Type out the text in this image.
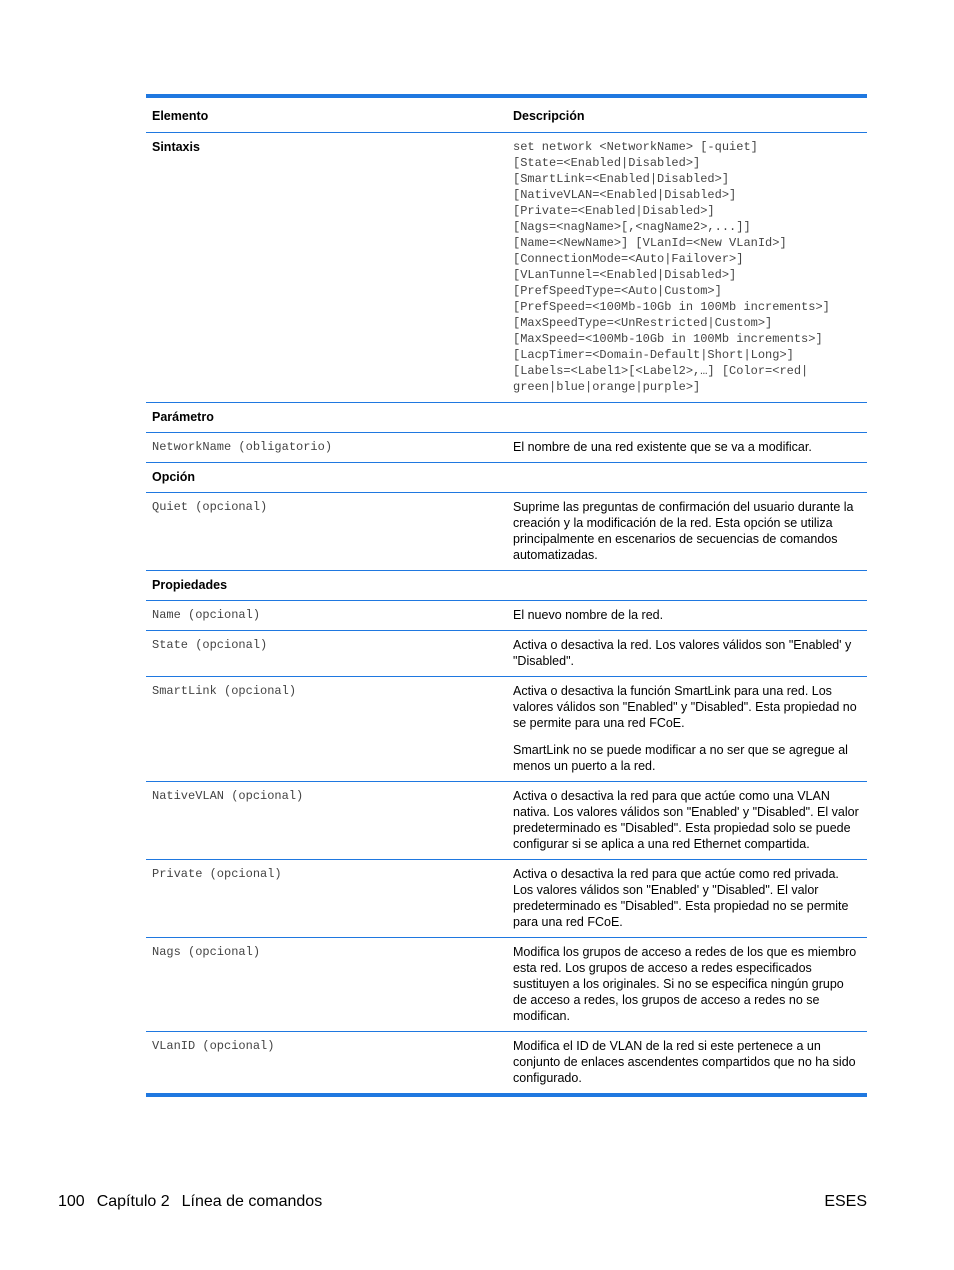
Elemento	Descripción
Sintaxis	set network <NetworkName> [-quiet]
[State=<Enabled|Disabled>]
[SmartLink=<Enabled|Disabled>]
[NativeVLAN=<Enabled|Disabled>]
[Private=<Enabled|Disabled>]
[Nags=<nagName>[,<nagName2>,...]]
[Name=<NewName>] [VLanId=<New VLanId>]
[ConnectionMode=<Auto|Failover>]
[VLanTunnel=<Enabled|Disabled>]
[PrefSpeedType=<Auto|Custom>]
[PrefSpeed=<100Mb-10Gb in 100Mb increments>]
[MaxSpeedType=<UnRestricted|Custom>]
[MaxSpeed=<100Mb-10Gb in 100Mb increments>]
[LacpTimer=<Domain-Default|Short|Long>]
[Labels=<Label1>[<Label2>,…] [Color=<red|
green|blue|orange|purple>]
Parámetro
NetworkName (obligatorio)	El nombre de una red existente que se va a modificar.
Opción
Quiet (opcional)	Suprime las preguntas de confirmación del usuario durante la creación y la modificación de la red. Esta opción se utiliza principalmente en escenarios de secuencias de comandos automatizadas.
Propiedades
Name (opcional)	El nuevo nombre de la red.
State (opcional)	Activa o desactiva la red. Los valores válidos son "Enabled' y "Disabled".
SmartLink (opcional)	Activa o desactiva la función SmartLink para una red. Los valores válidos son "Enabled" y "Disabled". Esta propiedad no se permite para una red FCoE.

SmartLink no se puede modificar a no ser que se agregue al menos un puerto a la red.

NativeVLAN (opcional)	Activa o desactiva la red para que actúe como una VLAN nativa. Los valores válidos son "Enabled' y "Disabled". El valor predeterminado es "Disabled". Esta propiedad solo se puede configurar si se aplica a una red Ethernet compartida.
Private (opcional)	Activa o desactiva la red para que actúe como red privada. Los valores válidos son "Enabled' y "Disabled". El valor predeterminado es "Disabled". Esta propiedad no se permite para una red FCoE.
Nags (opcional)	Modifica los grupos de acceso a redes de los que es miembro esta red. Los grupos de acceso a redes especificados sustituyen a los originales. Si no se especifica ningún grupo de acceso a redes, los grupos de acceso a redes no se modifican.
VLanID (opcional)	Modifica el ID de VLAN de la red si este pertenece a un conjunto de enlaces ascendentes compartidos que no ha sido configurado.
100 Capítulo 2 Línea de comandos	ESES
